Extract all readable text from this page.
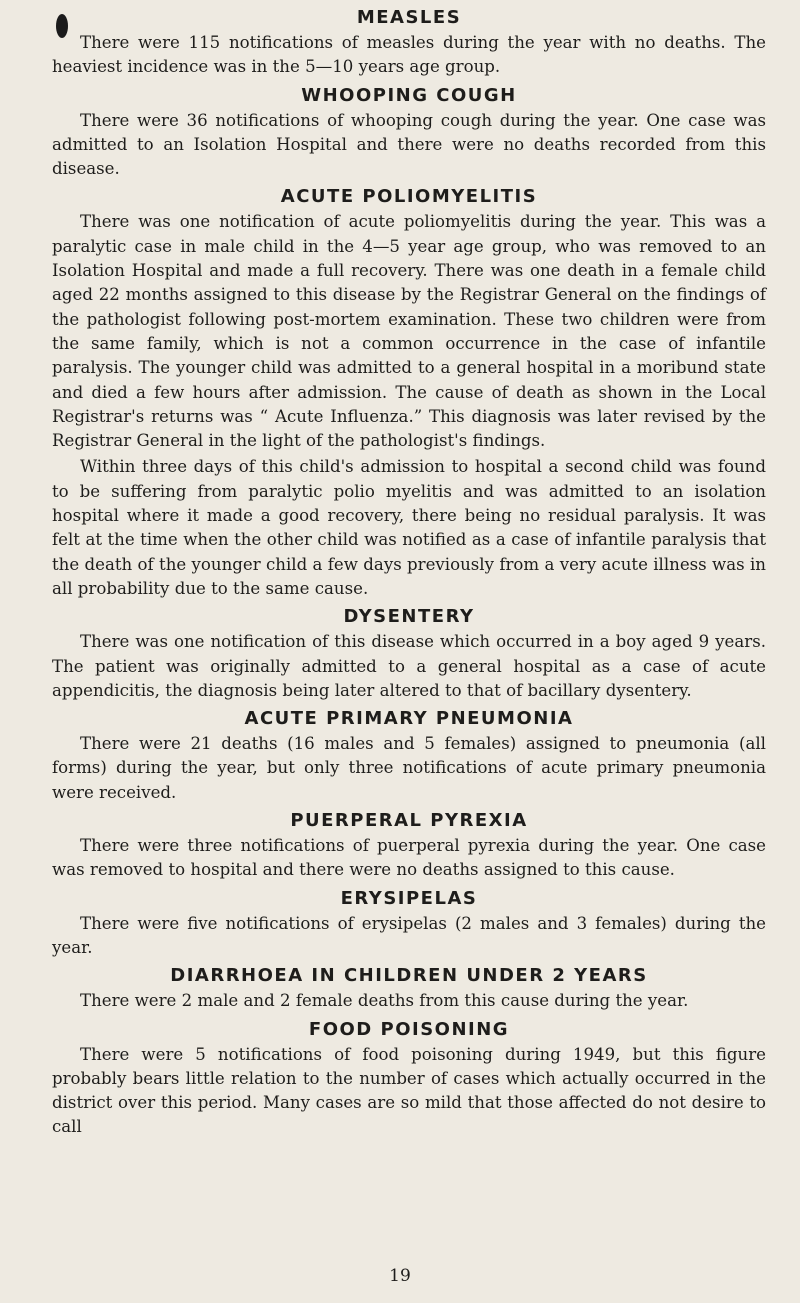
MEASLES

There were 115 notifications of measles during the year with no deaths. The heaviest incidence was in the 5—10 years age group.

WHOOPING COUGH

There were 36 notifications of whooping cough during the year. One case was admitted to an Isolation Hospital and there were no deaths recorded from this disease.

ACUTE POLIOMYELITIS

There was one notification of acute poliomyelitis during the year. This was a paralytic case in male child in the 4—5 year age group, who was removed to an Isolation Hospital and made a full recovery. There was one death in a female child aged 22 months assigned to this disease by the Registrar General on the findings of the pathologist following post-mortem examination. These two children were from the same family, which is not a common occurrence in the case of infantile paralysis. The younger child was admitted to a general hospital in a moribund state and died a few hours after admission. The cause of death as shown in the Local Registrar's returns was “ Acute Influenza.” This diagnosis was later revised by the Registrar General in the light of the pathologist's findings.

Within three days of this child's admission to hospital a second child was found to be suffering from paralytic polio myelitis and was admitted to an isolation hospital where it made a good recovery, there being no residual paralysis. It was felt at the time when the other child was notified as a case of infantile paralysis that the death of the younger child a few days previously from a very acute illness was in all probability due to the same cause.

DYSENTERY

There was one notification of this disease which occurred in a boy aged 9 years. The patient was originally admitted to a general hospital as a case of acute appendicitis, the diagnosis being later altered to that of bacillary dysentery.

ACUTE PRIMARY PNEUMONIA

There were 21 deaths (16 males and 5 females) assigned to pneumonia (all forms) during the year, but only three notifications of acute primary pneumonia were received.

PUERPERAL PYREXIA

There were three notifications of puerperal pyrexia during the year. One case was removed to hospital and there were no deaths assigned to this cause.

ERYSIPELAS

There were five notifications of erysipelas (2 males and 3 females) during the year.

DIARRHOEA IN CHILDREN UNDER 2 YEARS

There were 2 male and 2 female deaths from this cause during the year.

FOOD POISONING

There were 5 notifications of food poisoning during 1949, but this figure probably bears little relation to the number of cases which actually occurred in the district over this period. Many cases are so mild that those affected do not desire to call

19
